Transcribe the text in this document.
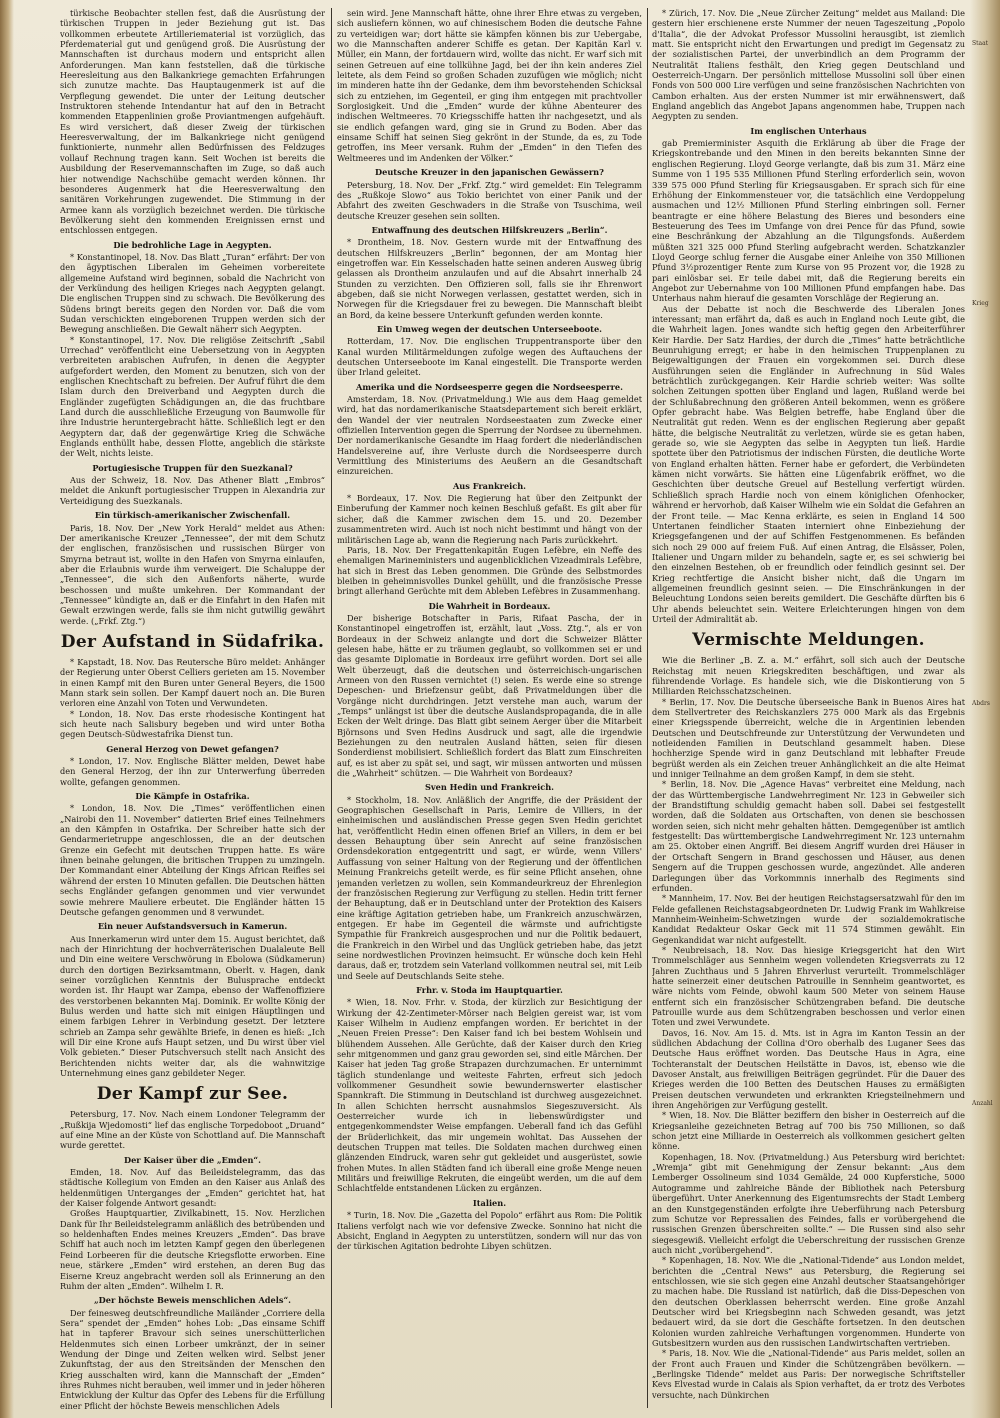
türkische Beobachter stellen fest, daß die Ausrüstung der türkischen Truppen in jeder Beziehung gut ist. Das vollkommen erbeutete Artilleriematerial ist vorzüglich, das Pferdematerial gut und genügend groß. Die Ausrüstung der Mannschaften ist durchaus modern und entspricht allen Anforderungen. Man kann feststellen, daß die türkische Heeresleitung aus den Balkankriege gemachten Erfahrungen sich zunutze machte. Das Hauptaugenmerk ist auf die Verpflegung gewendet. Die unter der Leitung deutscher Instruktoren stehende Intendantur hat auf den in Betracht kommenden Etappenlinien große Proviantmengen aufgehäuft. Es wird versichert, daß dieser Zweig der türkischen Heeresverwaltung, der im Balkankriege nicht genügend funktionierte, nunmehr allen Bedürfnissen des Feldzuges vollauf Rechnung tragen kann. Seit Wochen ist bereits die Ausbildung der Reservemannschaften im Zuge, so daß auch hier notwendige Nachschübe gemacht werden können. Ihr besonderes Augenmerk hat die Heeresverwaltung den sanitären Vorkehrungen zugewendet. Die Stimmung in der Armee kann als vorzüglich bezeichnet werden. Die türkische Bevölkerung sieht den kommenden Ereignissen ernst und entschlossen entgegen.

Die bedrohliche Lage in Aegypten.

* Konstantinopel, 18. Nov. Das Blatt „Turan“ erfährt: Der von den ägyptischen Liberalen im Geheimen vorbereitete allgemeine Aufstand wird beginnen, sobald die Nachricht von der Verkündung des heiligen Krieges nach Aegypten gelangt. Die englischen Truppen sind zu schwach. Die Bevölkerung des Südens bringt bereits gegen den Norden vor. Daß die vom Sudan verschickten eingeborenen Truppen werden sich der Bewegung anschließen. Die Gewalt näherr sich Aegypten.

* Konstantinopel, 17. Nov. Die religiöse Zeitschrift „Sabil Urrechad“ veröffentlicht eine Uebersetzung von in Aegypten verbreiteten arabischen Aufrufen, in denen die Aegypter aufgefordert werden, den Moment zu benutzen, sich von der englischen Knechtschaft zu befreien. Der Aufruf führt die dem Islam durch den Dreiverband und Aegypten durch die Engländer zugefügten Schädigungen an, die das fruchtbare Land durch die ausschließliche Erzeugung von Baumwolle für ihre Industrie heruntergebracht hätte. Schließlich legt er den Aegyptern dar, daß der gegenwärtige Krieg die Schwäche Englands enthüllt habe, dessen Flotte, angeblich die stärkste der Welt, nichts leiste.

Portugiesische Truppen für den Suezkanal?

Aus der Schweiz, 18. Nov. Das Athener Blatt „Embros“ meldet die Ankunft portugiesischer Truppen in Alexandria zur Verteidigung des Suezkanals.

Ein türkisch-amerikanischer Zwischenfall.

Paris, 18. Nov. Der „New York Herald“ meldet aus Athen: Der amerikanische Kreuzer „Tennessee“, der mit dem Schutz der englischen, französischen und russischen Bürger von Smyrna betraut ist, wollte in den Hafen von Smyrna einlaufen, aber die Erlaubnis wurde ihm verweigert. Die Schaluppe der „Tennessee“, die sich den Außenforts näherte, wurde beschossen und mußte umkehren. Der Kommandant der „Tennessee“ kündigte an, daß er die Einfahrt in den Hafen mit Gewalt erzwingen werde, falls sie ihm nicht gutwillig gewährt werde. („Frkf. Ztg.“)

Der Aufstand in Südafrika.

* Kapstadt, 18. Nov. Das Reutersche Büro meldet: Anhänger der Regierung unter Oberst Celliers gerieten am 15. November in einen Kampf mit den Buren unter General Beyers, die 1500 Mann stark sein sollen. Der Kampf dauert noch an. Die Buren verloren eine Anzahl von Toten und Verwundeten.

* London, 18. Nov. Das erste rhodesische Kontingent hat sich heute nach Salisbury begeben und wird unter Botha gegen Deutsch-Südwestafrika Dienst tun.

General Herzog von Dewet gefangen?

* London, 17. Nov. Englische Blätter melden, Dewet habe den General Herzog, der ihn zur Unterwerfung überreden wollte, gefangen genommen.

Die Kämpfe in Ostafrika.

* London, 18. Nov. Die „Times“ veröffentlichen einen „Nairobi den 11. November“ datierten Brief eines Teilnehmers an den Kämpfen in Ostafrika. Der Schreiber hatte sich der Gendarmerietruppe angeschlossen, die an der deutschen Grenze ein Gefecht mit deutschen Truppen hatte. Es wäre ihnen beinahe gelungen, die britischen Truppen zu umzingeln. Der Kommandant einer Abteilung der Kings African Reifles sei während der ersten 10 Minuten gefallen. Die Deutschen hätten sechs Engländer gefangen genommen und vier verwundet sowie mehrere Mauliere erbeutet. Die Engländer hätten 15 Deutsche gefangen genommen und 8 verwundet.

Ein neuer Aufstandsversuch in Kamerun.

Aus Innerkamerun wird unter dem 15. August berichtet, daß nach der Hinrichtung der hochverräterischen Dualaleute Bell und Din eine weitere Verschwörung in Ebolowa (Südkamerun) durch den dortigen Bezirksamtmann, Oberlt. v. Hagen, dank seiner vorzüglichen Kenntnis der Bulusprache entdeckt worden ist. Ihr Haupt war Zampa, ebenso der Waffenoffiziere des verstorbenen bekannten Maj. Dominik. Er wollte König der Bulus werden und hatte sich mit einigen Häuptlingen und einem farbigen Lehrer in Verbindung gesetzt. Der letztere schrieb an Zampa sehr gewählte Briefe, in denen es hieß: „Ich will Dir eine Krone aufs Haupt setzen, und Du wirst über viel Volk gebieten.“ Dieser Putschversuch stellt nach Ansicht des Berichtenden nichts weiter dar, als die wahnwitzige Unternehmung eines ganz gebildeter Neger.

Der Kampf zur See.

Petersburg, 17. Nov. Nach einem Londoner Telegramm der „Rußkija Wjedomosti“ lief das englische Torpedoboot „Druand“ auf eine Mine an der Küste von Schottland auf. Die Mannschaft wurde gerettet.

Der Kaiser über die „Emden“.

Emden, 18. Nov. Auf das Beileidstelegramm, das das städtische Kollegium von Emden an den Kaiser aus Anlaß des heldenmütigen Unterganges der „Emden“ gerichtet hat, hat der Kaiser folgende Antwort gesandt:

Großes Hauptquartier, Zivilkabinett, 15. Nov. Herzlichen Dank für Ihr Beileidstelegramm anläßlich des betrübenden und so heldenhaften Endes meines Kreuzers „Emden“. Das brave Schiff hat auch noch im letzten Kampf gegen den überlegenen Feind Lorbeeren für die deutsche Kriegsflotte erworben. Eine neue, stärkere „Emden“ wird erstehen, an deren Bug das Eiserne Kreuz angebracht werden soll als Erinnerung an den Ruhm der alten „Emden“. Wilhelm I. R.

„Der höchste Beweis menschlichen Adels“.

Der feinesweg deutschfreundliche Mailänder „Corriere della Sera“ spendet der „Emden“ hohes Lob: „Das einsame Schiff hat in tapferer Bravour sich seines unerschütterlichen Heldenmutes sich einen Lorbeer umkränzt, der in seiner Wendung der Dinge und Zeiten welken wird. Selbst jener Zukunftstag, der aus den Streitsänden der Menschen den Krieg ausschalten wird, kann die Mannschaft der „Emden“ ihres Ruhmes nicht berauben, weil immer und in jeder höheren Entwicklung der Kultur das Opfer des Lebens für die Erfüllung einer Pflicht der höchste Beweis menschlichen Adels

sein wird. Jene Mannschaft hätte, ohne ihrer Ehre etwas zu vergeben, sich ausliefern können, wo auf chinesischem Boden die deutsche Fahne zu verteidigen war; dort hätte sie kämpfen können bis zur Uebergabe, wo die Mannschaften anderer Schiffe es getan. Der Kapitän Karl v. Müller, ein Mann, der fortdauern wird, wollte das nicht. Er warf sich mit seinen Getreuen auf eine tollkühne Jagd, bei der ihn kein anderes Ziel leitete, als dem Feind so großen Schaden zuzufügen wie möglich; nicht im minderen hatte ihn der Gedanke, dem ihm bevorstehenden Schicksal sich zu entziehen, im Gegenteil, er ging ihm entgegen mit prachtvoller Sorglosigkeit. Und die „Emden“ wurde der kühne Abenteurer des indischen Weltmeeres. 70 Kriegsschiffe hatten ihr nachgesetzt, und als sie endlich gefangen ward, ging sie in Grund zu Boden. Aber das einsame Schiff hat seinen Sieg gekrönt in der Stunde, da es, zu Tode getroffen, ins Meer versank. Ruhm der „Emden“ in den Tiefen des Weltmeeres und im Andenken der Völker.“

Deutsche Kreuzer in den japanischen Gewässern?

Petersburg, 18. Nov. Der „Frkf. Ztg.“ wird gemeldet: Ein Telegramm des „Rußkoje Slowo“ aus Tokio berichtet von einer Panik und der Abfahrt des zweiten Geschwaders in die Straße von Tsuschima, weil deutsche Kreuzer gesehen sein sollten.

Entwaffnung des deutschen Hilfskreuzers „Berlin“.

* Drontheim, 18. Nov. Gestern wurde mit der Entwaffnung des deutschen Hilfskreuzers „Berlin“ begonnen, der am Montag hier eingetroffen war. Ein Kesselschaden hatte seinen anderen Ausweg übrig gelassen als Drontheim anzulaufen und auf die Absahrt innerhalb 24 Stunden zu verzichten. Den Offizieren soll, falls sie ihr Ehrenwort abgeben, daß sie nicht Norwegen verlassen, gestattet werden, sich in Norwegen für die Kriegsdauer frei zu bewegen. Die Mannschaft bleibt an Bord, da keine bessere Unterkunft gefunden werden konnte.

Ein Umweg wegen der deutschen Unterseeboote.

Rotterdam, 17. Nov. Die englischen Truppentransporte über den Kanal wurden Militärmeldungen zufolge wegen des Auftauchens der deutschen Unterseeboote im Kanal eingestellt. Die Transporte werden über Irland geleitet.

Amerika und die Nordseesperre gegen die Nordseesperre.

Amsterdam, 18. Nov. (Privatmeldung.) Wie aus dem Haag gemeldet wird, hat das nordamerikanische Staatsdepartement sich bereit erklärt, den Wandel der vier neutralen Nordseestaaten zum Zwecke einer offiziellen Intervention gegen die Sperrung der Nordsee zu übernehmen. Der nordamerikanische Gesandte im Haag fordert die niederländischen Handelsvereine auf, ihre Verluste durch die Nordseesperre durch Vermittlung des Ministeriums des Aeußern an die Gesandtschaft einzureichen.

Aus Frankreich.

* Bordeaux, 17. Nov. Die Regierung hat über den Zeitpunkt der Einberufung der Kammer noch keinen Beschluß gefaßt. Es gilt aber für sicher, daß die Kammer zwischen dem 15. und 20. Dezember zusammentreten wird. Auch ist noch nicht bestimmt und hängt von der militärischen Lage ab, wann die Regierung nach Paris zurückkehrt.

Paris, 18. Nov. Der Fregattenkapitän Eugen Lefèbre, ein Neffe des ehemaligen Marineministers und augenblicklichen Vizeadmirals Lefèbre, hat sich in Brest das Leben genommen. Die Gründe des Selbstmordes bleiben in geheimnisvolles Dunkel gehüllt, und die französische Presse bringt allerhand Gerüchte mit dem Ableben Lefèbres in Zusammenhang.

Die Wahrheit in Bordeaux.

Der bisherige Botschafter in Paris, Rifaat Pascha, der in Konstantinopel eingetroffen ist, erzählt, laut „Voss. Ztg.“, als er von Bordeaux in der Schweiz anlangte und dort die Schweizer Blätter gelesen habe, hätte er zu träumen geglaubt, so vollkommen sei er und das gesamte Diplomatie in Bordeaux irre geführt worden. Dort sei alle Welt überzeugt, daß die deutschen und österreichisch-ungarischen Armeen von den Russen vernichtet (!) seien. Es werde eine so strenge Depeschen- und Briefzensur geübt, daß Privatmeldungen über die Vorgänge nicht durchdringen. Jetzt verstehe man auch, warum der „Temps“ unlängst ist über die deutsche Auslandspropaganda, die in alle Ecken der Welt dringe. Das Blatt gibt seinem Aerger über die Mitarbeit Björnsons und Sven Hedins Ausdruck und sagt, alle die irgendwie Beziehungen zu den neutralen Ausland hätten, seien für diesen Sonderdienst mobilisiert. Schließlich fordert das Blatt zum Einschreiten auf, es ist aber zu spät sei, und sagt, wir müssen antworten und müssen die „Wahrheit“ schützen. — Die Wahrheit von Bordeaux?

Sven Hedin und Frankreich.

* Stockholm, 18. Nov. Anläßlich der Angriffe, die der Präsident der Geographischen Gesellschaft in Paris, Lemire de Villiers, in der einheimischen und ausländischen Presse gegen Sven Hedin gerichtet hat, veröffentlicht Hedin einen offenen Brief an Villers, in dem er bei dessen Behauptung über sein Anrecht auf seine französischen Ordensdekoration entgegentritt und sagt, er würde, wenn Villers' Auffassung von seiner Haltung von der Regierung und der öffentlichen Meinung Frankreichs geteilt werde, es für seine Pflicht ansehen, ohne jemanden verletzen zu wollen, sein Kommandeurkreuz der Ehrenlegion der französischen Regierung zur Verfügung zu stellen. Hedin tritt ferner der Behauptung, daß er in Deutschland unter der Protektion des Kaisers eine kräftige Agitation getrieben habe, um Frankreich anzuschwärzen, entgegen. Er habe im Gegenteil die wärmste und aufrichtigste Sympathie für Frankreich ausgesprochen und nur die Politik bedauert, die Frankreich in den Wirbel und das Unglück getrieben habe, das jetzt seine nordwestlichen Provinzen heimsucht. Er wünsche doch kein Hehl daraus, daß er, trotzdem sein Vaterland vollkommen neutral sei, mit Leib und Seele auf Deutschlands Seite stehe.

Frhr. v. Stoda im Hauptquartier.

* Wien, 18. Nov. Frhr. v. Stoda, der kürzlich zur Besichtigung der Wirkung der 42-Zentimeter-Mörser nach Belgien gereist war, ist vom Kaiser Wilhelm in Audienz empfangen worden. Er berichtet in der „Neuen Freien Presse“: Den Kaiser fand ich bei bestem Wohlsein und blühendem Aussehen. Alle Gerüchte, daß der Kaiser durch den Krieg sehr mitgenommen und ganz grau geworden sei, sind eitle Märchen. Der Kaiser hat jeden Tag große Strapazen durchzumachen. Er unternimmt täglich stundenlange und weiteste Fahrten, erfreut sich jedoch vollkommener Gesundheit sowie bewundernswerter elastischer Spannkraft. Die Stimmung in Deutschland ist durchweg ausgezeichnet. In allen Schichten herrscht ausnahmslos Siegeszuversicht. Als Oesterreicher wurde ich in liebenswürdigster und entgegenkommendster Weise empfangen. Ueberall fand ich das Gefühl der Brüderlichkeit, das mir ungemein wohltat. Das Aussehen der deutschen Truppen mat teiles. Die Soldaten machen durchweg einen glänzenden Eindruck, waren sehr gut gekleidet und ausgerüstet, sowie frohen Mutes. In allen Städten fand ich überall eine große Menge neuen Militärs und freiwillige Rekruten, die eingeübt werden, um die auf dem Schlachtfelde entstandenen Lücken zu ergänzen.

Italien.

* Turin, 18. Nov. Die „Gazetta del Popolo“ erfährt aus Rom: Die Politik Italiens verfolgt nach wie vor defensive Zwecke. Sonnino hat nicht die Absicht, England in Aegypten zu unterstützen, sondern will nur das von der türkischen Agitation bedrohte Libyen schützen.

* Zürich, 17. Nov. Die „Neue Zürcher Zeitung“ meldet aus Mailand: Die gestern hier erschienene erste Nummer der neuen Tageszeitung „Popolo d'Italia“, die der Advokat Professor Mussolini herausgibt, ist ziemlich matt. Sie entspricht nicht den Erwartungen und predigt im Gegensatz zu der sozialistischen Partei, der unverbindlich an dem Programm der Neutralität Italiens festhält, den Krieg gegen Deutschland und Oesterreich-Ungarn. Der persönlich mittellose Mussolini soll über einen Fonds von 500 000 Lire verfügen und seine französischen Nachrichten von Cambon erhalten. Aus der ersten Nummer ist mir erwähnenswert, daß England angeblich das Angebot Japans angenommen habe, Truppen nach Aegypten zu senden.

Im englischen Unterhaus

gab Premierminister Asquith die Erklärung ab über die Frage der Kriegskontrebande und den Minen in den bereits bekannten Sinne der englischen Regierung. Lloyd George verlangte, daß bis zum 31. März eine Summe von 1 195 535 Millionen Pfund Sterling erforderlich sein, wovon 339 575 000 Pfund Sterling für Kriegsausgaben. Er sprach sich für eine Erhöhung der Einkommensteuer vor, die tatsächlich eine Verdoppelung ausmachen und 12½ Millionen Pfund Sterling einbringen soll. Ferner beantragte er eine höhere Belastung des Bieres und besonders eine Besteuerung des Tees im Umfange von drei Pence für das Pfund, sowie eine Beschränkung der Abzahlung an die Tilgungsfonds. Außerdem müßten 321 325 000 Pfund Sterling aufgebracht werden. Schatzkanzler Lloyd George schlug ferner die Ausgabe einer Anleihe von 350 Millionen Pfund 3½prozentiger Rente zum Kurse von 95 Prozent vor, die 1928 zu pari einlösbar sei. Er teile dabei mit, daß die Regierung bereits ein Angebot zur Uebernahme von 100 Millionen Pfund empfangen habe. Das Unterhaus nahm hierauf die gesamten Vorschläge der Regierung an.

Aus der Debatte ist noch die Beschwerde des Liberalen Jones interessant; man erfährt da, daß es auch in England noch Leute gibt, die die Wahrheit lagen. Jones wandte sich heftig gegen den Arbeiterführer Keir Hardie. Der Satz Hardies, der durch die „Times“ hatte beträchtliche Beunruhigung erregt; er habe in den heimischen Truppenplanen zu Beigewaltigungen der Frauen ein vorgekommen sei. Durch diese Ausführungen seien die Engländer in Aufrechnung in Süd Wales beträchtlich zurückgegangen. Keir Hardie schrieb weiter: Was sollte solchen Zeitungen spotten über England und lagen, Rußland werde bei der Schlußabrechnung den größeren Anteil bekommen, wenn es größere Opfer gebracht habe. Was Belgien betreffe, habe England über die Neutralität gut reden. Wenn es der englischen Regierung aber gepaßt hätte, die belgische Neutralität zu verletzen, würde sie es getan haben, gerade so, wie sie Aegypten das selbe in Aegypten tun ließ. Hardie spottete über den Patriotismus der indischen Fürsten, die deutliche Worte von England erhalten hätten. Ferner habe er gefordert, die Verbündeten kämen nicht vorwärts. Sie hätten eine Lügenfabrik eröffnet, wo die Geschichten über deutsche Greuel auf Bestellung verfertigt würden. Schließlich sprach Hardie noch von einem königlichen Ofenhocker, während er hervorhob, daß Kaiser Wilhelm wie ein Soldat die Gefahren an der Front teile. — Mac Kenna erklärte, es seien in England 14 500 Untertanen feindlicher Staaten interniert ohne Einbeziehung der Kriegsgefangenen und der auf Schiffen Festgenommenen. Es befänden sich noch 29 000 auf freiem Fuß. Auf einen Antrag, die Elsässer, Polen, Italiener und Ungarn milder zu behandeln, sagte er, es sei schwierig bei den einzelnen Bestehen, ob er freundlich oder feindlich gesinnt sei. Der Krieg rechtfertige die Ansicht bisher nicht, daß die Ungarn im allgemeinen freundlich gesinnt seien. — Die Einschränkungen in der Beleuchtung Londons seien bereits gemildert. Die Geschäfte dürften bis 6 Uhr abends beleuchtet sein. Weitere Erleichterungen hingen von dem Urteil der Admiralität ab.

Vermischte Meldungen.

Wie die Berliner „B. Z. a. M.“ erfährt, soll sich auch der Deutsche Reichstag mit neuen Kriegskrediten beschäftigen, und zwar als führendende Vorlage. Es handele sich, wie die Diskontierung von 5 Milliarden Reichsschatzscheinen.

* Berlin, 17. Nov. Die Deutsche überseeische Bank in Buenos Aires hat dem Stellvertreter des Reichskanzlers 275 000 Mark als das Ergebnis einer Kriegsspende überreicht, welche die in Argentinien lebenden Deutschen und Deutschfreunde zur Unterstützung der Verwundeten und notleidenden Familien in Deutschland gesammelt haben. Diese hochherzige Spende wird in ganz Deutschland mit lebhafter Freude begrüßt werden als ein Zeichen treuer Anhänglichkeit an die alte Heimat und inniger Teilnahme an dem großen Kampf, in dem sie steht.

* Berlin, 18. Nov. Die „Agence Havas“ verbreitet eine Meldung, nach der das Württembergische Landwehrregiment Nr. 123 in Gebweiler sich der Brandstiftung schuldig gemacht haben soll. Dabei sei festgestellt worden, daß die Soldaten aus Ortschaften, von denen sie beschossen worden seien, sich nicht mehr gehalten hätten. Demgegenüber ist amtlich festgestellt: Das württembergische Landwehrregiment Nr. 123 unternahm am 25. Oktober einen Angriff. Bei diesem Angriff wurden drei Häuser in der Ortschaft Sengern in Brand geschossen und Häuser, aus denen Sengern auf die Truppen geschossen wurde, angezündet. Alle anderen Darlegungen über das Vorkommnis innerhalb des Regiments sind erfunden.

* Mannheim, 17. Nov. Bei der heutigen Reichstagsersatzwahl für den im Felde gefallenen Reichstagsabgeordneten Dr. Ludwig Frank im Wahlkreise Mannheim-Weinheim-Schwetzingen wurde der sozialdemokratische Kandidat Redakteur Oskar Geck mit 11 574 Stimmen gewählt. Ein Gegenkandidat war nicht aufgestellt.

* Neubreisach, 18. Nov. Das hiesige Kriegsgericht hat den Wirt Trommelschläger aus Sennheim wegen vollendeten Kriegsverrats zu 12 Jahren Zuchthaus und 5 Jahren Ehrverlust verurteilt. Trommelschläger hatte seinerzeit einer deutschen Patrouille in Sennheim geantwortet, es wäre nichts vom Feinde, obwohl kaum 500 Meter von seinem Hause entfernt sich ein französischer Schützengraben befand. Die deutsche Patrouille wurde aus dem Schützengraben beschossen und verlor einen Toten und zwei Verwundete.

Davos, 16. Nov. Am 15. d. Mts. ist in Agra im Kanton Tessin an der südlichen Abdachung der Collina d'Oro oberhalb des Luganer Sees das Deutsche Haus eröffnet worden. Das Deutsche Haus in Agra, eine Tochteranstalt der Deutschen Heilstätte in Davos, ist, ebenso wie die Davoser Anstalt, aus freiwilligen Beiträgen gegründet. Für die Dauer des Krieges werden die 100 Betten des Deutschen Hauses zu ermäßigten Preisen deutschen verwundeten und erkrankten Kriegsteilnehmern und ihren Angehörigen zur Verfügung gestellt.

* Wien, 18. Nov. Die Blätter beziffern den bisher in Oesterreich auf die Kriegsanleihe gezeichneten Betrag auf 700 bis 750 Millionen, so daß schon jetzt eine Milliarde in Oesterreich als vollkommen gesichert gelten könne.

Kopenhagen, 18. Nov. (Privatmeldung.) Aus Petersburg wird berichtet: „Wremja“ gibt mit Genehmigung der Zensur bekannt: „Aus dem Lemberger Ossolineum sind 1034 Gemälde, 24 000 Kupferstiche, 5000 Autogramme und zahlreiche Bände der Bibliothek nach Petersburg übergeführt. Unter Anerkennung des Eigentumsrechts der Stadt Lemberg an den Kunstgegenständen erfolgte ihre Ueberführung nach Petersburg zum Schutze vor Repressalien des Feindes, falls er vorübergehend die russischen Grenzen überschreiten sollte.“ — Die Russen sind also sehr siegesgewiß. Vielleicht erfolgt die Ueberschreitung der russischen Grenze auch nicht „vorübergehend“.

* Kopenhagen, 18. Nov. Wie die „National-Tidende“ aus London meldet, berichten die „Central News“ aus Petersburg, die Regierung sei entschlossen, wie sie sich gegen eine Anzahl deutscher Staatsangehöriger zu machen habe. Die Russland ist natürlich, daß die Diss-Depeschen von den deutschen Oberklassen beherrscht werden. Eine große Anzahl Deutscher wird bei Kriegsbeginn nach Schweden gesandt, was jetzt bedauert wird, da sie dort die Geschäfte fortsetzen. In den deutschen Kolonien wurden zahlreiche Verhaftungen vorgenommen. Hunderte von Gutsbesitzern wurden aus den russischen Landwirtschaften vertrieben.

* Paris, 18. Nov. Wie die „National-Tidende“ aus Paris meldet, sollen an der Front auch Frauen und Kinder die Schützengräben bevölkern. — „Berlingske Tidende“ meldet aus Paris: Der norwegische Schriftsteller Kevs Elvestad wurde in Calais als Spion verhaftet, da er trotz des Verbotes versuchte, nach Dünkirchen

Staat
Krieg
Abdrs
Anzahl
